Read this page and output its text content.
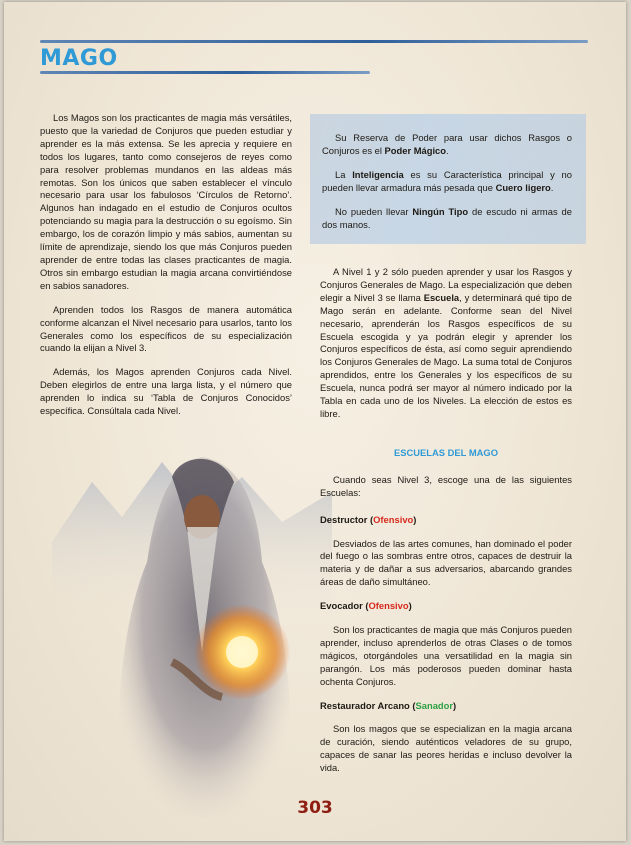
MAGO

Los Magos son los practicantes de magia más versátiles, puesto que la variedad de Conjuros que pueden estudiar y aprender es la más extensa. Se les aprecia y requiere en todos los lugares, tanto como consejeros de reyes como para resolver problemas mundanos en las aldeas más remotas. Son los únicos que saben establecer el vínculo necesario para usar los fabulosos ‘Círculos de Retorno’. Algunos han indagado en el estudio de Conjuros ocultos potenciando su magia para la destrucción o su egoísmo. Sin embargo, los de corazón limpio y más sabios, aumentan su límite de aprendizaje, siendo los que más Conjuros pueden aprender de entre todas las clases practicantes de magia. Otros sin embargo estudian la magia arcana convirtiéndose en sabios sanadores.

Aprenden todos los Rasgos de manera automática conforme alcanzan el Nivel necesario para usarlos, tanto los Generales como los específicos de su especialización cuando la elijan a Nivel 3.

Además, los Magos aprenden Conjuros cada Nivel. Deben elegirlos de entre una larga lista, y el número que aprenden lo indica su ‘Tabla de Conjuros Conocidos’ específica. Consúltala cada Nivel.

Su Reserva de Poder para usar dichos Rasgos o Conjuros es el Poder Mágico.

La Inteligencia es su Característica principal y no pueden llevar armadura más pesada que Cuero ligero.

No pueden llevar Ningún Tipo de escudo ni armas de dos manos.

A Nivel 1 y 2 sólo pueden aprender y usar los Rasgos y Conjuros Generales de Mago. La especialización que deben elegir a Nivel 3 se llama Escuela, y determinará qué tipo de Mago serán en adelante. Conforme sean del Nivel necesario, aprenderán los Rasgos específicos de su Escuela escogida y ya podrán elegir y aprender los Conjuros específicos de ésta, así como seguir aprendiendo los Conjuros Generales de Mago. La suma total de Conjuros aprendidos, entre los Generales y los específicos de su Escuela, nunca podrá ser mayor al número indicado por la Tabla en cada uno de los Niveles. La elección de estos es libre.

ESCUELAS DEL MAGO

Cuando seas Nivel 3, escoge una de las siguientes Escuelas:

Destructor (Ofensivo)

Desviados de las artes comunes, han dominado el poder del fuego o las sombras entre otros, capaces de destruir la materia y de dañar a sus adversarios, abarcando grandes áreas de daño simultáneo.

Evocador (Ofensivo)

Son los practicantes de magia que más Conjuros pueden aprender, incluso aprenderlos de otras Clases o de tomos mágicos, otorgándoles una versatilidad en la magia sin parangón. Los más poderosos pueden dominar hasta ochenta Conjuros.

Restaurador Arcano (Sanador)

Son los magos que se especializan en la magia arcana de curación, siendo auténticos veladores de su grupo, capaces de sanar las peores heridas e incluso devolver la vida.

303
